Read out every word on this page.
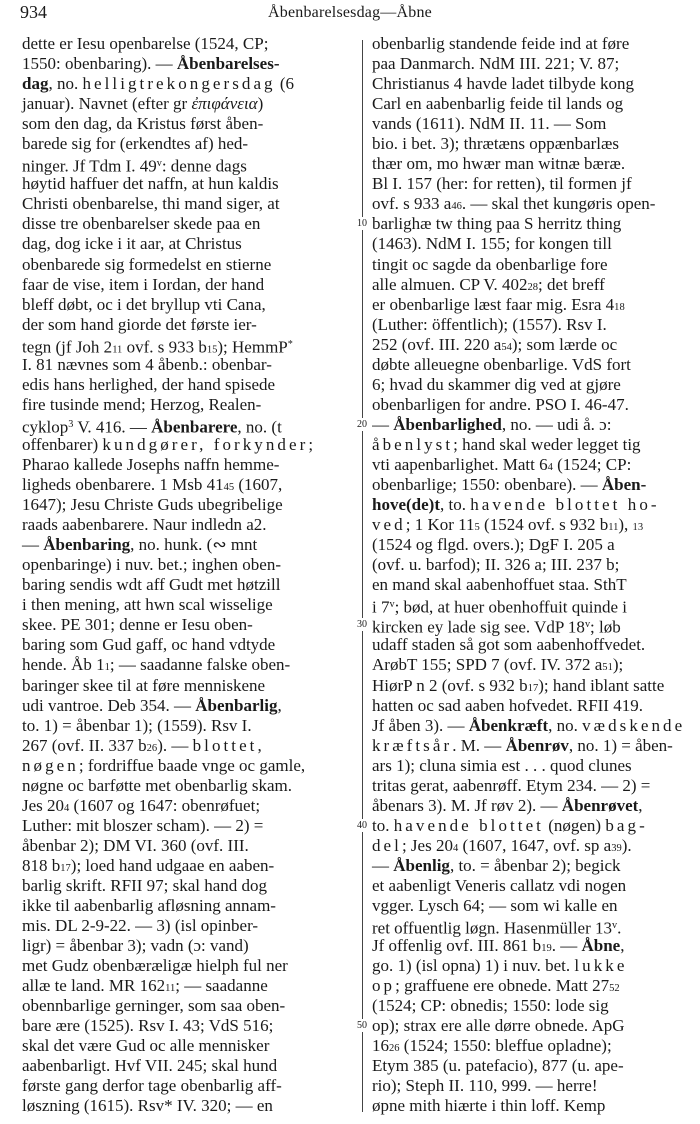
934	Åbenbarelsesdag—Åbne
dette er Iesu openbarelse (1524, CP;
1550: obenbaring). — Åbenbarelses-
dag, no. helligtrekongersdag (6
januar). Navnet (efter gr ἐπιφάνεια)
som den dag, da Kristus først åben-
barede sig for (erkendtes af) hed-
ninger. Jf Tdm I. 49$^v$: denne dags
høytid haffuer det naffn, at hun kaldis
Christi obenbarelse, thi mand siger, at
disse tre obenbarelser skede paa en
dag, dog icke i it aar, at Christus
obenbarede sig formedelst en stierne
faar de vise, item i Iordan, der hand
bleff døbt, oc i det bryllup vti Cana,
der som hand giorde det første ier-
tegn (jf Joh 211 ovf. s 933 b15); HemmP*
I. 81 nævnes som 4 åbenb.: obenbar-
edis hans herlighed, der hand spisede
fire tusinde mend; Herzog, Realen-
cyklop$^3$ V. 416. — Åbenbarere, no. (t
offenbarer) kundgører, forkynder;
Pharao kallede Josephs naffn hemme-
ligheds obenbarere. 1 Msb 4145 (1607,
1647); Jesu Christe Guds ubegribelige
raads aabenbarere. Naur indledn a2.
— Åbenbaring, no. hunk. (∾ mnt
openbaringe) i nuv. bet.; inghen oben-
baring sendis wdt aff Gudt met høtzill
i then mening, att hwn scal wisselige
skee. PE 301; denne er Iesu oben-
baring som Gud gaff, oc hand vdtyde
hende. Åb 11; — saadanne falske oben-
baringer skee til at føre menniskene
udi vantroe. Deb 354. — Åbenbarlig,
to. 1) = åbenbar 1); (1559). Rsv I.
267 (ovf. II. 337 b26). — blottet,
nøgen; fordriffue baade vnge oc gamle,
nøgne oc barføtte met obenbarlig skam.
Jes 204 (1607 og 1647: obenrøfuet;
Luther: mit bloszer scham). — 2) =
åbenbar 2); DM VI. 360 (ovf. III.
818 b17); loed hand udgaae en aaben-
barlig skrift. RFII 97; skal hand dog
ikke til aabenbarlig afløsning annam-
mis. DL 2-9-22. — 3) (isl opinber-
ligr) = åbenbar 3); vadn (ɔ: vand)
met Gudz obenbæræligæ hielph ful ner
allæ te land. MR 16211; — saadanne
obennbarlige gerninger, som saa oben-
bare ære (1525). Rsv I. 43; VdS 516;
skal det være Gud oc alle mennisker
aabenbarligt. Hvf VII. 245; skal hund
første gang derfor tage obenbarlig aff-
løszning (1615). Rsv* IV. 320; — en
obenbarlig standende feide ind at føre
paa Danmarch. NdM III. 221; V. 87;
Christianus 4 havde ladet tilbyde kong
Carl en aabenbarlig feide til lands og
vands (1611). NdM II. 11. — Som
bio. i bet. 3); thrætæns oppænbarlæs
thær om, mo hwær man witnæ bæræ.
Bl I. 157 (her: for retten), til formen jf
ovf. s 933 a46. — skal thet kungøris open-
barlighæ tw thing paa S herritz thing
(1463). NdM I. 155; for kongen till
tingit oc sagde da obenbarlige fore
alle almuen. CP V. 40228; det breff
er obenbarlige læst faar mig. Esra 418
(Luther: öffentlich); (1557). Rsv I.
252 (ovf. III. 220 a54); som lærde oc
døbte alleuegne obenbarlige. VdS fort
6; hvad du skammer dig ved at gjøre
obenbarligen for andre. PSO I. 46-47.
— Åbenbarlighed, no. — udi å. ɔ:
åbenlyst; hand skal weder legget tig
vti aapenbarlighet. Matt 64 (1524; CP:
obenbarlige; 1550: obenbare). — Åben-
hove(de)t, to. havende blottet ho-
ved; 1 Kor 115 (1524 ovf. s 932 b11), 13
(1524 og flgd. overs.); DgF I. 205 a
(ovf. u. barfod); II. 326 a; III. 237 b;
en mand skal aabenhoffuet staa. SthT
i 7$^v$; bød, at huer obenhoffuit quinde i
kircken ey lade sig see. VdP 18$^v$; løb
udaff staden så got som aabenhoffvedet.
ArøbT 155; SPD 7 (ovf. IV. 372 a51);
HiørP n 2 (ovf. s 932 b17); hand iblant satte
hatten oc sad aaben hofvedet. RFII 419.
Jf åben 3). — Åbenkræft, no. vædskende
kræftsår. M. — Åbenrøv, no. 1) = åben-
ars 1); cluna simia est . . . quod clunes
tritas gerat, aabenrøff. Etym 234. — 2) =
åbenars 3). M. Jf røv 2). — Åbenrøvet,
to. havende blottet (nøgen) bag-
del; Jes 204 (1607, 1647, ovf. sp a39).
— Åbenlig, to. = åbenbar 2); begick
et aabenligt Veneris callatz vdi nogen
vgger. Lysch 64; — som wi kalle en
ret offuentlig løgn. Hasenmüller 13$^v$.
Jf offenlig ovf. III. 861 b19. — Åbne,
go. 1) (isl opna) 1) i nuv. bet. lukke
op; graffuene ere obnede. Matt 2752
(1524; CP: obnedis; 1550: lode sig
op); strax ere alle dørre obnede. ApG
1626 (1524; 1550: bleffue opladne);
Etym 385 (u. patefacio), 877 (u. ape-
rio); Steph II. 110, 999. — herre!
øpne mith hiærte i thin loff. Kemp
10
20
30
40
50
